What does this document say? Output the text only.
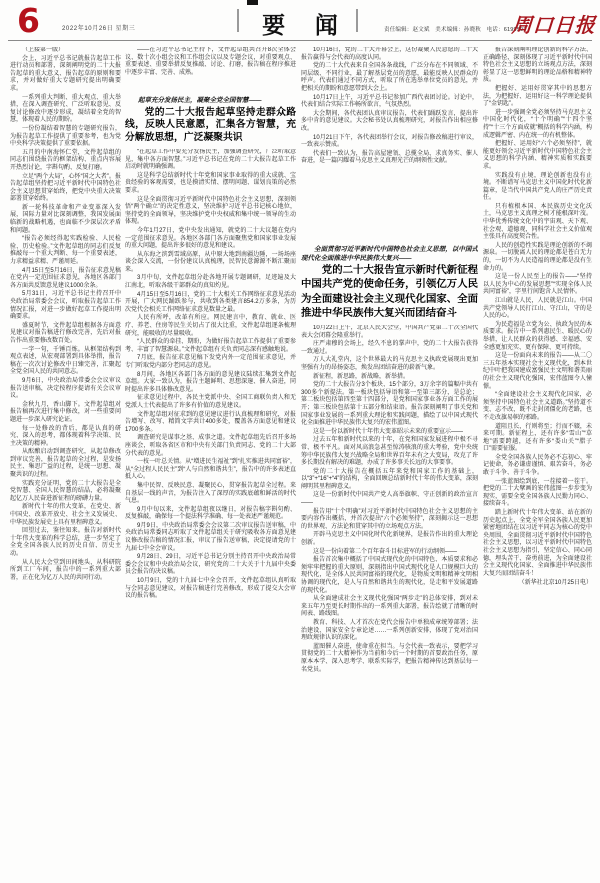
6	2022年10月26日 星期三	要 闻	责任编辑：赵文斌　美术编辑：孙晓秋　电话：6199507
周口日报

（上接第一版）

会上，习近平总书记就报告起草工作进行动员和部署，深刻阐明党的二十大报告起草的重大意义、报告起草的原则和要求，并对做好重大专题研究提出明确要求。

一系列重大判断、重大观点、重大举措，在深入调查研究、广泛听取意见、反复讨论修改中逐步形成，凝结着全党的智慧，体现着人民的期盼。

一份份凝结着智慧的专题研究报告，为报告起草工作提供了重要参考，也为党中央科学决策提供了重要依据。

五月的中南海怀仁堂，文件起草组的同志们围绕报告的框架结构、重点内容展开热烈讨论，字斟句酌、反复打磨。

立足“两个大局”，心怀“国之大者”。报告起草组坚持把习近平新时代中国特色社会主义思想贯穿始终，把党中央重大决策部署贯穿始终。

新一轮科技革命和产业变革深入发展，国际力量对比深刻调整，我国发展面临新的战略机遇，也面临不少深层次矛盾和问题。

“报告必须经得起实践检验、人民检验、历史检验。”文件起草组的同志们反复推敲每一个重大判断、每一个重要表述，力求精益求精、严谨周延。

4月15日至5月16日，报告征求意见稿在党内一定范围征求意见，各地区各部门各方面共反馈意见建议1000余条。

5月31日，习近平总书记主持召开中央政治局常委会会议，听取报告起草工作情况汇报，对进一步做好起草工作提出明确要求。

盛夏时节，文件起草组根据各方面意见建议对报告稿进行修改完善，先后对报告作出重要修改数百处。

一字一句，千锤百炼。从框架结构到观点表述，从宏观部署到具体举措，报告稿在一次次讨论修改中日臻完善，汇聚起全党全国人民的共同意志。

9月6日，中央政治局常委会会议审议报告送审稿，决定按程序提请有关会议审议。

金秋九月，香山脚下。文件起草组对报告稿再次进行集中修改，对一些重要问题进一步深入研究论证。

每一处修改的背后，都是认真的研究、深入的思考，都体现着科学决策、民主决策的精神。

从酝酿启动到调查研究，从起草修改到审议完善，报告起草的全过程，是发扬民主、集思广益的过程，是统一思想、凝聚共识的过程。

实践充分证明，党的二十大报告是全党智慧、全国人民智慧的结晶，必将凝聚起亿万人民奋进新征程的磅礴力量。

新时代十年的伟大变革，在党史、新中国史、改革开放史、社会主义发展史、中华民族发展史上具有里程碑意义。

回望过去，鉴往知来。报告对新时代十年伟大变革的科学总结，进一步坚定了全党全国各族人民的历史自信、历史主动。

从人民大会堂到田间地头，从科研院所到工厂车间，报告中的一系列重大部署，正在化为亿万人民的共同行动。

——在习近平总书记主持下，文件起草组共召开8次全体会议、数十次小组会议和工作组会议以及专题会议，对重要观点、重要表述、重要举措反复推敲、讨论、打磨，报告稿在程序推进中逐步丰富、完善、成熟。

起草充分发扬民主，凝聚全党全国智慧——

党的二十大报告起草坚持走群众路线，反映人民意愿，汇集各方智慧，充分解放思想，广泛凝聚共识

“在起草工作中要充分发扬民主，加强调查研究，广泛听取意见，集中各方面智慧。”习近平总书记在党的二十大报告起草工作启动时就明确强调。

这是科学总结新时代十年党和国家事业取得的重大成就、宝贵经验的客观需要，也是摸清实情、摆明问题、谋划良策的必然要求。

这是全面贯彻习近平新时代中国特色社会主义思想，深刻领悟“两个确立”的决定性意义，坚决维护习近平总书记核心地位，坚持党的全面领导，坚决维护党中央权威和集中统一领导的生动体现。

今年1月27日，党中央发出通知，就党的二十大议题在党内一定范围征求意见。各地区各部门各方面聚焦党和国家事业发展的重大问题，提出许多很好的意见和建议。

从东海之滨到雪域高原，从中原大地到南疆边陲，一场场座谈会深入交流，一份份建议认真梳理，民智民意源源不断汇聚而来。

3月中旬，文件起草组分赴各地开展专题调研，足迹遍及大江南北，听取各级干部群众的真知灼见。

4月15日至5月16日，党的二十大相关工作网络征求意见活动开展，广大网民踊跃参与，共收到各类建言854.2万多条，为历次党代会相关工作网络征求意见数量之最。

人民有所呼，改革有所应。网民建言中，教育、就业、医疗、养老、住房等民生关切占了很大比重，文件起草组逐条梳理研究，能吸收的尽量吸收。

“人民群众的牵挂、期盼，为做好报告起草工作提供了重要参考、丰富了智慧源泉。”文件起草组有关负责同志深有感触地说。

7月底，报告征求意见稿下发党内外一定范围征求意见，并专门听取党内部分老同志的意见。

8月间，各地区各部门各方面的意见建议陆续汇集到文件起草组。大家一致认为，报告主题鲜明、思想深邃、催人奋进，同时提出许多具体修改意见。

征求意见过程中，各民主党派中央、全国工商联负责人和无党派人士代表提出了许多有价值的意见建议。

文件起草组对征求到的意见建议进行认真梳理和研究，对报告增写、改写、精简文字共计400多处，覆盖各方面意见和建议1700多条。

调查研究是谋事之基、成事之道。文件起草组先后召开多场座谈会，听取各省区市和中央有关部门负责同志、党的二十大部分代表的意见。

一枝一叶总关情。从“增进民生福祉”到“扎实推进共同富裕”，从“全过程人民民主”到“人与自然和谐共生”，报告中的许多表述直抵人心。

集中民智、反映民意、凝聚民心，贯穿报告起草全过程。来自基层一线的声音，为报告注入了深厚的实践底蕴和鲜活的时代气息。

9月中旬以来，文件起草组夜以继日，对报告稿字斟句酌、反复推敲，确保每一个提法科学准确、每一处表述严谨规范。

9月9日，中央政治局常委会会议第二次审议报告送审稿，中央政治局常委同志听取了文件起草组关于研究吸收各方面意见建议修改报告稿的情况汇报，审议了报告送审稿，决定提请党的十九届七中全会审议。

9月28日、29日，习近平总书记分别主持召开中央政治局常委会会议和中央政治局会议，研究党的二十大关于十九届中央委员会报告的决议稿。

10月9日，党的十九届七中全会召开，文件起草组认真听取与会同志意见建议，对报告稿进行完善修改，形成了提交大会审议的报告稿。

10月16日，党的二十大开幕会上，这份凝聚人民意愿的二十大报告赢得与会代表的高度认同。

党的二十大代表来自全国各条战线，广泛分布在不同领域、不同层级、不同行业，最了解基层党员的意愿，最能反映人民群众的呼声。代表们通过不同方式，听取了所在选举单位党员的意见，并把相关的期盼和意愿带到大会上。

10月17日上午，习近平总书记参加广西代表团讨论。讨论中，代表们结合实际工作畅所欲言，气氛热烈。

大会期间，各代表团认真审议报告，代表们踊跃发言，提出许多中肯的意见建议。大会秘书处认真梳理研究，对报告作出相应修改。

10月21日下午，各代表团举行会议，对报告修改稿进行审议，一致表示赞成。

代表们一致认为，报告高屋建瓴、总揽全局、求真务实、催人奋进，是一篇闪耀着马克思主义真理光芒的纲领性文献。

全面贯彻习近平新时代中国特色社会主义思想，以中国式现代化全面推进中华民族伟大复兴——

党的二十大报告宣示新时代新征程中国共产党的使命任务，引领亿万人民为全面建设社会主义现代化国家、全面推进中华民族伟大复兴而团结奋斗

10月22日上午，北京人民大会堂，中国共产党第二十次全国代表大会闭幕会隆重举行。

庄严肃穆的会场上，经久不息的掌声中，党的二十大报告获得一致通过。

万人大礼堂内，这个世界最大的马克思主义执政党展现出更加坚强有力的昂扬姿态，焕发出团结奋进的崭新气象。

新征程，新思路，新战略，新举措。

党的二十大报告分3个板块、15个部分，3万余字的篇幅中共有300多个新提法。第一板块包括导语和第一至第三部分，是总论；第二板块包括第四至第十四部分，是党和国家事业各方面工作的展开；第三板块包括第十五部分和结束语。报告深刻阐明了事关党和国家事业发展的一系列重大理论和实践问题，描绘了以中国式现代化全面推进中华民族伟大复兴的宏伟蓝图。

这是一份以新时代十年伟大变革昭示未来的重要宣示——

过去五年和新时代以来的十年，在党和国家发展进程中极不寻常、极不平凡。面对风高浪急甚至惊涛骇浪的重大考验，党中央统筹中华民族伟大复兴战略全局和世界百年未有之大变局，攻克了许多长期没有解决的难题，办成了许多事关长远的大事要事。

党的二十大报告在概括五年来党和国家工作的基础上，以“3”+“16”+“4”的结构，全面回顾总结新时代十年的伟大变革，深刻阐明其里程碑意义。

这是一份新时代中国共产党人高举旗帜、守正创新的政治宣言——

报告用“十个明确”对习近平新时代中国特色社会主义思想的主要内容作出概括，并首次提出“六个必须坚持”，深刻揭示这一思想的世界观、方法论和贯穿其中的立场观点方法。

开辟马克思主义中国化时代化新境界，是报告作出的重大理论创新。

这是一份向着第二个百年奋斗目标进军的行动纲领——

报告首次集中概括了中国式现代化的中国特色、本质要求和必须牢牢把握的重大原则，深刻指出中国式现代化是人口规模巨大的现代化，是全体人民共同富裕的现代化，是物质文明和精神文明相协调的现代化，是人与自然和谐共生的现代化，是走和平发展道路的现代化。

从全面建成社会主义现代化强国“两步走”的总体安排，到对未来五年乃至更长时期作出的一系列重大部署，报告绘就了清晰的时间表、路线图。

教育、科技、人才首次在党代会报告中单独成章统筹部署；法治建设、国家安全专章论述……一系列创新安排，体现了党对治国理政规律认识的深化。

蓝图催人奋进，使命重在担当。与会代表一致表示，要把学习贯彻党的二十大精神作为当前和今后一个时期的首要政治任务，原原本本学、深入思考学、联系实际学，把报告精神传达到基层每一名党员。

报告深刻阐明理论创新的科学方法、正确路径，深刻体现了习近平新时代中国特色社会主义思想的立场观点方法，深刻彰显了这一思想鲜明的理论品格和精神特质。

把握好、运用好贯穿其中的思想方法，为把握好、运用好这一科学理论提供了“金钥匙”。

进一步强调全党必须坚持马克思主义中国化时代化，“十个明确”“十四个坚持”“十三个方面成就”概括的科学内涵，构成逻辑严密、内在统一的有机整体。

把握好、运用好“六个必须坚持”，就能更好领会习近平新时代中国特色社会主义思想的科学内涵、精神实质和实践要求。

实践没有止境，理论创新也没有止境。不断谱写马克思主义中国化时代化新篇章，是当代中国共产党人的庄严历史责任。

只有植根本国、本民族历史文化沃土，马克思主义真理之树才能根深叶茂。中华优秀传统文化中的宇宙观、天下观、社会观、道德观，同科学社会主义价值观主张具有高度契合性。

人民的创造性实践是理论创新的不竭源泉。一切脱离人民的理论都是苍白无力的，一切不为人民造福的理论都是没有生命力的。

这是一份人民至上的报告——“坚持以人民为中心的发展思想”“实现全体人民共同富裕”，字里行间饱含人民情怀。

江山就是人民，人民就是江山。中国共产党领导人民打江山、守江山，守的是人民的心。

为民造福是立党为公、执政为民的本质要求。报告中一系列惠民生、暖民心的举措，让人民群众的获得感、幸福感、安全感更加充实、更有保障、更可持续。

这是一份面向未来的报告——从二〇三五年基本实现社会主义现代化，到本世纪中叶把我国建成富强民主文明和谐美丽的社会主义现代化强国，宏伟蓝图令人憧憬。

“全面建设社会主义现代化国家，必须坚持中国特色社会主义道路。”坚持道不变、志不改，既不走封闭僵化的老路，也不走改旗易帜的邪路。

道阻且长，行则将至；行而不辍，未来可期。新征程上，还有许多“雪山”“草地”需要跨越，还有许多“娄山关”“腊子口”需要征服。

全党全国各族人民务必不忘初心、牢记使命，务必谦虚谨慎、艰苦奋斗，务必敢于斗争、善于斗争。

一张蓝图绘到底，一茬接着一茬干。把党的二十大擘画的宏伟蓝图一步步变为现实，需要全党全国各族人民勠力同心、接续奋斗。

踏上新时代十年伟大变革、站在新的历史起点上，全党全军全国各族人民更加紧密地团结在以习近平同志为核心的党中央周围，全面贯彻习近平新时代中国特色社会主义思想，以习近平新时代中国特色社会主义思想为指引，坚定信心、同心同德，埋头苦干、奋勇前进，为全面建设社会主义现代化国家、全面推进中华民族伟大复兴而团结奋斗！

（新华社北京10月25日电）
